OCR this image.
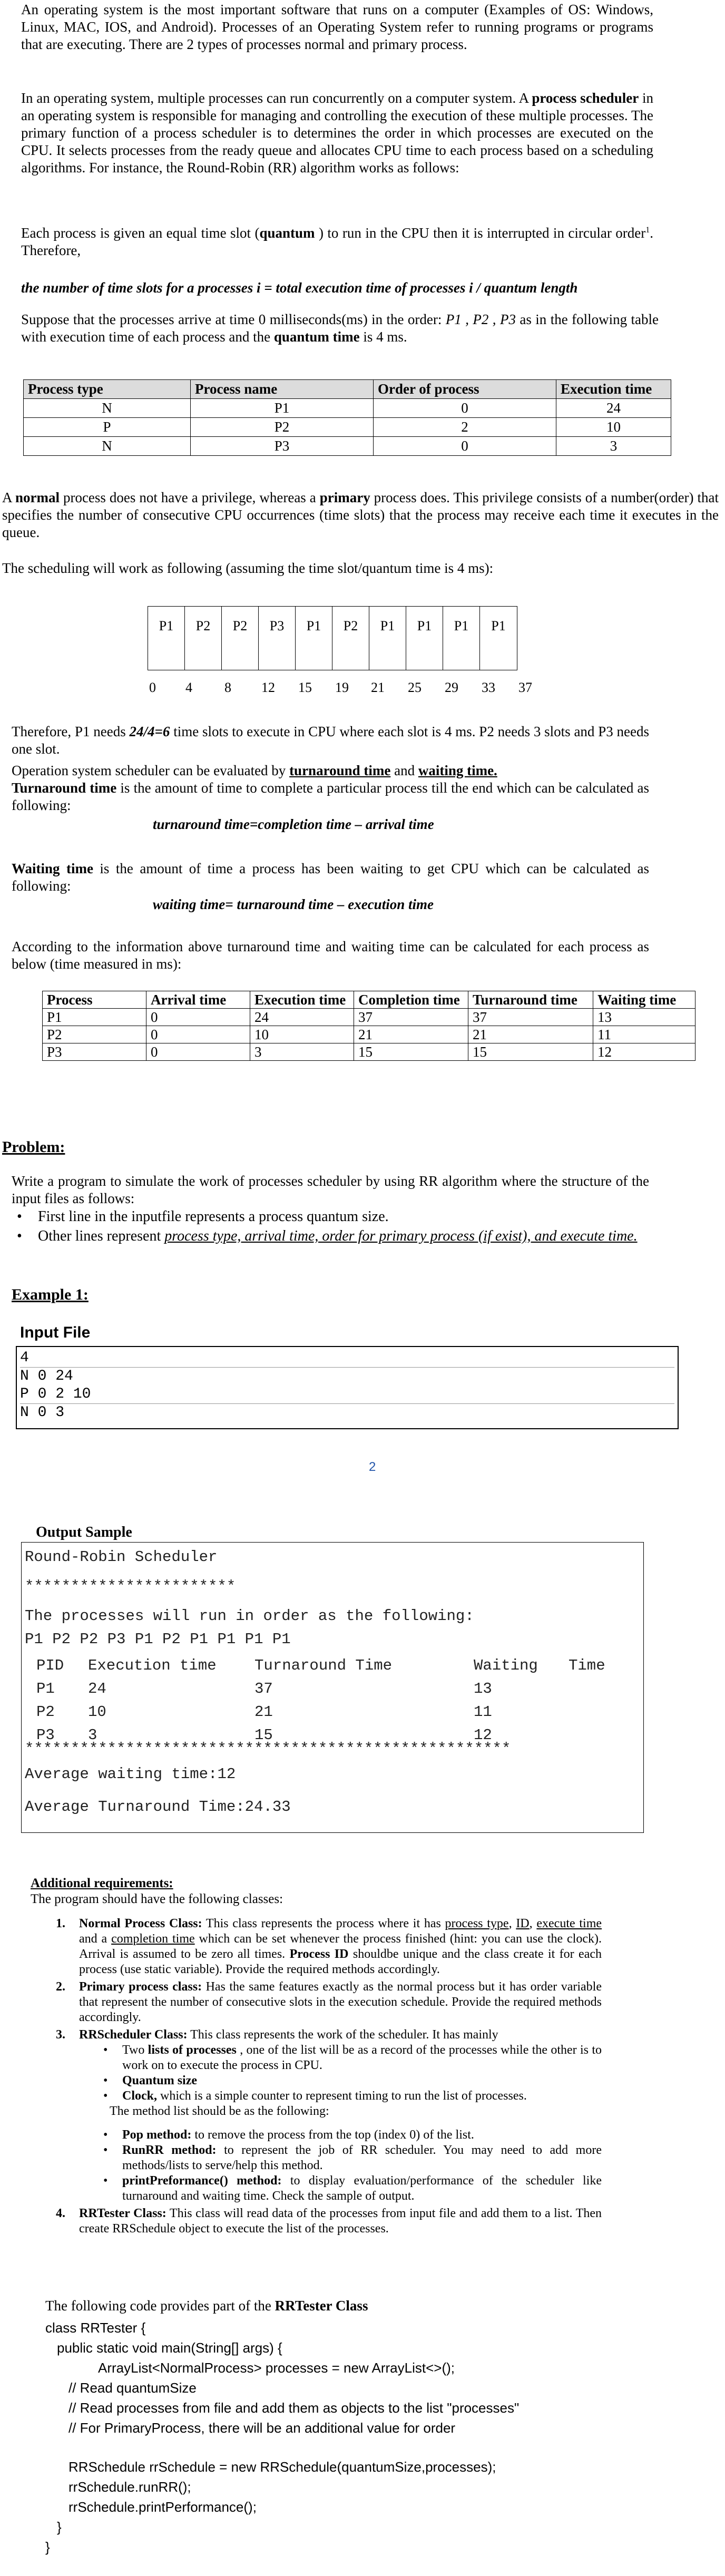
An operating system is the most important software that runs on a computer (Examples of OS: Windows, Linux, MAC, IOS, and Android). Processes of an Operating System refer to running programs or programs that are executing. There are 2 types of processes normal and primary process.

In an operating system, multiple processes can run concurrently on a computer system. A process scheduler in an operating system is responsible for managing and controlling the execution of these multiple processes. The primary function of a process scheduler is to determines the order in which processes are executed on the CPU. It selects processes from the ready queue and allocates CPU time to each process based on a scheduling algorithms. For instance, the Round-Robin (RR) algorithm works as follows:

Each process is given an equal time slot (quantum ) to run in the CPU then it is interrupted in circular order$^1$. Therefore,

the number of time slots for a processes i = total execution time of processes i / quantum length

Suppose that the processes arrive at time 0 milliseconds(ms) in the order: P1 , P2 , P3 as in the following table with execution time of each process and the quantum time is 4 ms.

Process type	Process name	Order of process	Execution time
N	P1	0	24
P	P2	2	10
N	P3	0	3

A normal process does not have a privilege, whereas a primary process does. This privilege consists of a number(order) that specifies the number of consecutive CPU occurrences (time slots) that the process may receive each time it executes in the queue.

The scheduling will work as following (assuming the time slot/quantum time is 4 ms):

P1	P2	P2	P3	P1	P2	P1	P1	P1	P1
0 4 8 12 15 19 21 25 29 33 37

Therefore, P1 needs 24/4=6 time slots to execute in CPU where each slot is 4 ms. P2 needs 3 slots and P3 needs one slot.

Operation system scheduler can be evaluated by turnaround time and waiting time.

Turnaround time is the amount of time to complete a particular process till the end which can be calculated as following:

turnaround time=completion time – arrival time

Waiting time is the amount of time a process has been waiting to get CPU which can be calculated as following:

waiting time= turnaround time – execution time

According to the information above turnaround time and waiting time can be calculated for each process as below (time measured in ms):

Process	Arrival time	Execution time	Completion time	Turnaround time	Waiting time
P1	0	24	37	37	13
P2	0	10	21	21	11
P3	0	3	15	15	12
Problem:

Write a program to simulate the work of processes scheduler by using RR algorithm where the structure of the input files as follows:

•	First line in the inputfile represents a process quantum size.
•	Other lines represent process type, arrival time, order for primary process (if exist), and execute time.
Example 1:
Input File
4
N 0 24
P 0 2 10
N 0 3
2
Output Sample
Round-Robin Scheduler
***********************
The processes will run in order as the following:
P1 P2 P2 P3 P1 P2 P1 P1 P1 P1
PID	Execution time	Turnaround Time	Waiting	Time
P1	24	37	13
P2	10	21	11
P3	3	15	12
*****************************************************
Average waiting time:12
Average Turnaround Time:24.33
Additional requirements:
The program should have the following classes:
1.	Normal Process Class: This class represents the process where it has process type, ID, execute time and a completion time which can be set whenever the process finished (hint: you can use the clock). Arrival is assumed to be zero all times. Process ID shouldbe unique and the class create it for each process (use static variable). Provide the required methods accordingly.
2.	Primary process class: Has the same features exactly as the normal process but it has order variable that represent the number of consecutive slots in the execution schedule. Provide the required methods accordingly.
3.	RRScheduler Class: This class represents the work of the scheduler. It has mainly
•	Two lists of processes , one of the list will be as a record of the processes while the other is to work on to execute the process in CPU.
•	Quantum size
•	Clock, which is a simple counter to represent timing to run the list of processes.
The method list should be as the following:
•	Pop method: to remove the process from the top (index 0) of the list.
•	RunRR method: to represent the job of RR scheduler. You may need to add more methods/lists to serve/help this method.
•	printPreformance() method: to display evaluation/performance of the scheduler like turnaround and waiting time. Check the sample of output.
4.	RRTester Class: This class will read data of the processes from input file and add them to a list. Then create RRSchedule object to execute the list of the processes.
The following code provides part of the RRTester Class
class RRTester {
public static void main(String[] args) {
ArrayList<NormalProcess> processes = new ArrayList<>();
// Read quantumSize
// Read processes from file and add them as objects to the list "processes"
// For PrimaryProcess, there will be an additional value for order
RRSchedule rrSchedule = new RRSchedule(quantumSize,processes);
rrSchedule.runRR();
rrSchedule.printPerformance();
}
}
